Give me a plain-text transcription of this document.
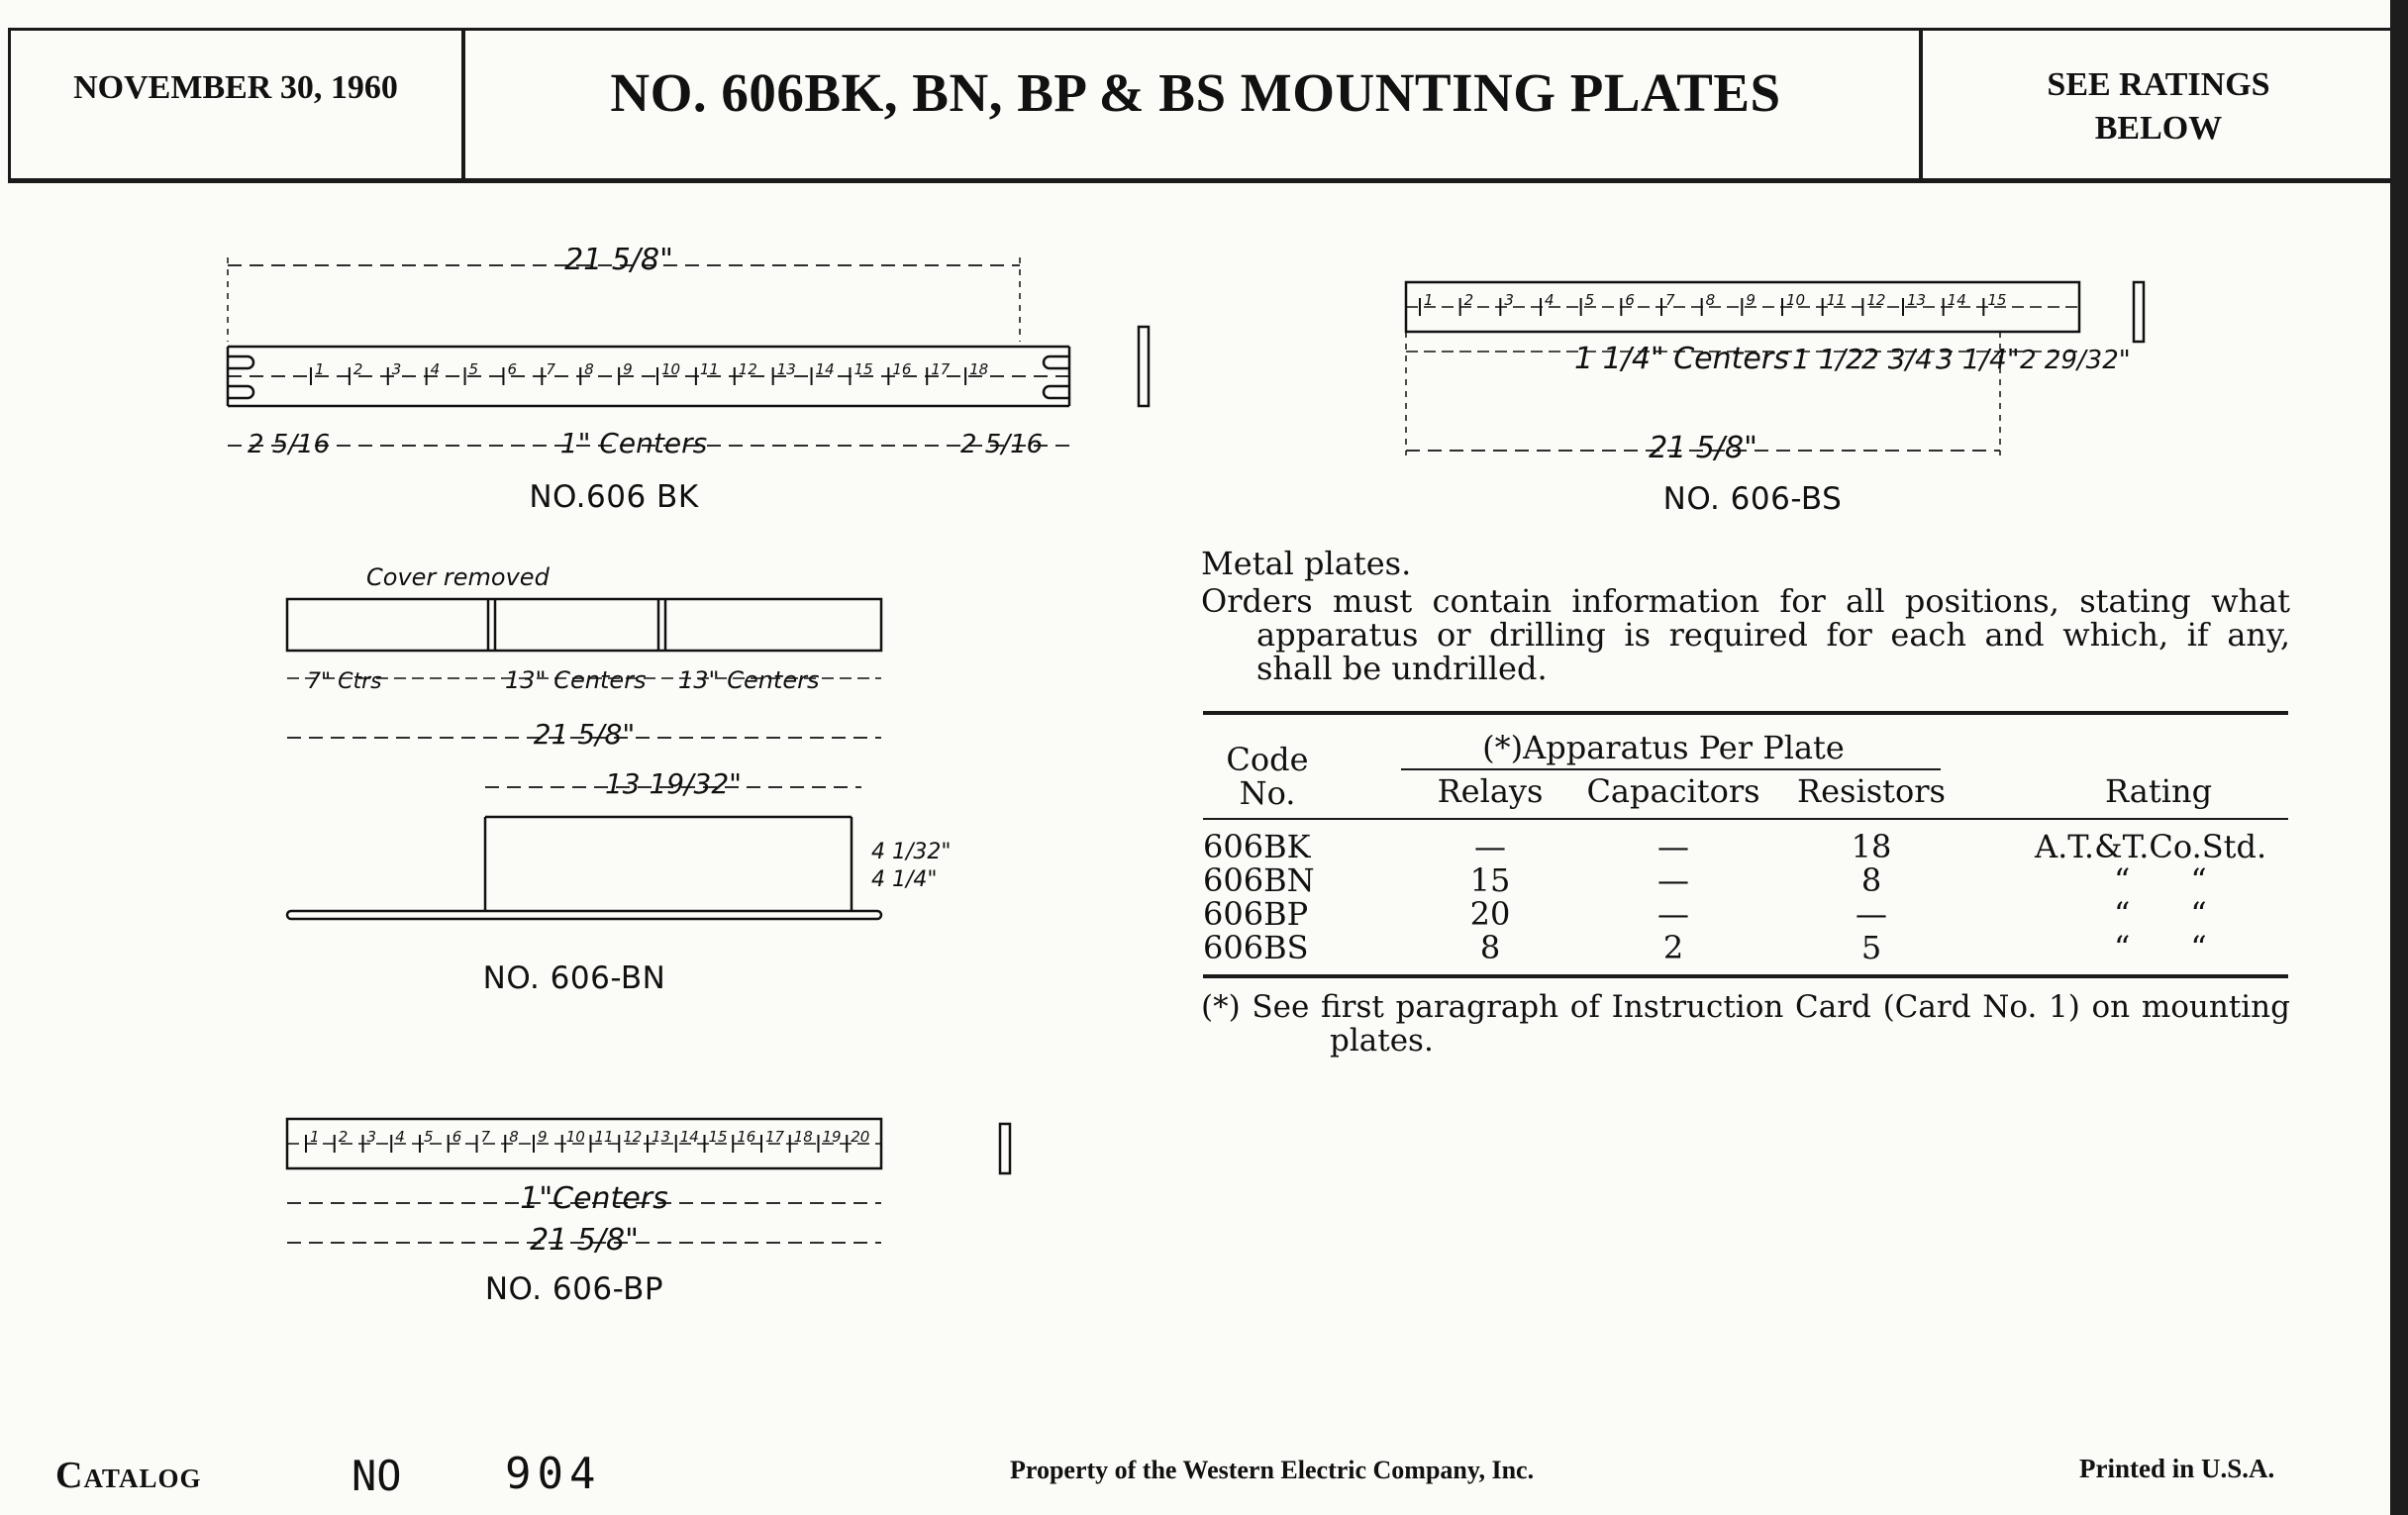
NOVEMBER 30, 1960	NO. 606BK, BN, BP & BS MOUNTING PLATES	SEE RATINGS
BELOW
1 2 3 4 5 6 7 8 9 10 11 12 13 14 15 16 17 18
21 5/8"
1" Centers
2 5/16	2 5/16
NO.606 BK
1 2 3 4 5 6 7 8 9 10 11 12 13 14 15
1 1/4" Centers 1 1/2
2 3/4 3 1/4" 2 29/32"
21 5/8"
NO. 606-BS
Cover removed
7" Ctrs	13" Centers 13" Centers
21 5/8"
13 19/32"
4 1/32"
4 1/4"
NO. 606-BN
1 2 3 4 5 6 7 8 9 10 11 12 13 14 15 16 17 18 19 20
1"Centers
21 5/8"
NO. 606-BP

Metal plates.

Orders must contain information for all positions, stating what apparatus or drilling is required for each and which, if any, shall be undrilled.

Code
No.
(*)Apparatus Per Plate
Relays	Capacitors	Resistors	Rating
606BK	—	—	18	A.T.&T.Co.Std.
606BN	15	—	8	“      “
606BP	20	—	—	“      “
606BS	8	2	5	“      “

(*) See first paragraph of Instruction Card (Card No. 1) on mounting plates.

Catalog	NO 904	Property of the Western Electric Company, Inc.	Printed in U.S.A.
